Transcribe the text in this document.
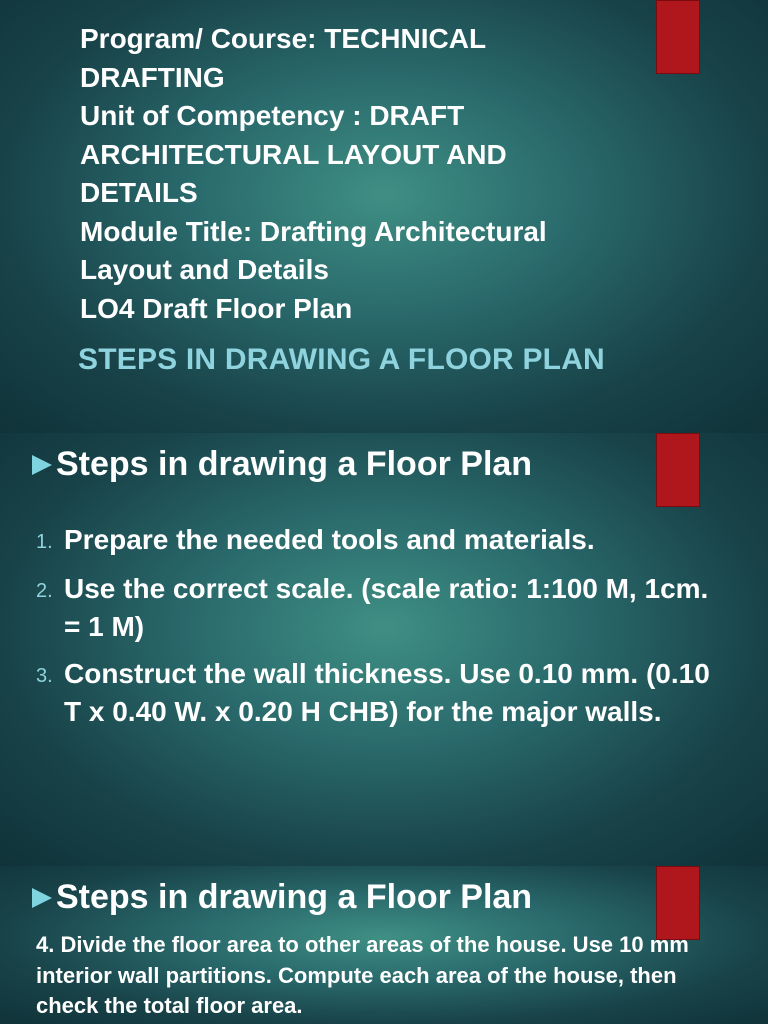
Program/ Course: TECHNICAL
DRAFTING
Unit of Competency : DRAFT
ARCHITECTURAL LAYOUT AND
DETAILS
Module Title: Drafting Architectural
Layout and Details
LO4 Draft Floor Plan
STEPS IN DRAWING A FLOOR PLAN
Steps in drawing a Floor Plan
1. Prepare the needed tools and materials.
2. Use the correct scale. (scale ratio: 1:100 M, 1cm. = 1 M)
3. Construct the wall thickness. Use 0.10 mm. (0.10 T x 0.40 W. x 0.20 H CHB) for the major walls.
Steps in drawing a Floor Plan
4. Divide the floor area to other areas of the house. Use 10 mm interior wall partitions. Compute each area of the house, then check the total floor area.
